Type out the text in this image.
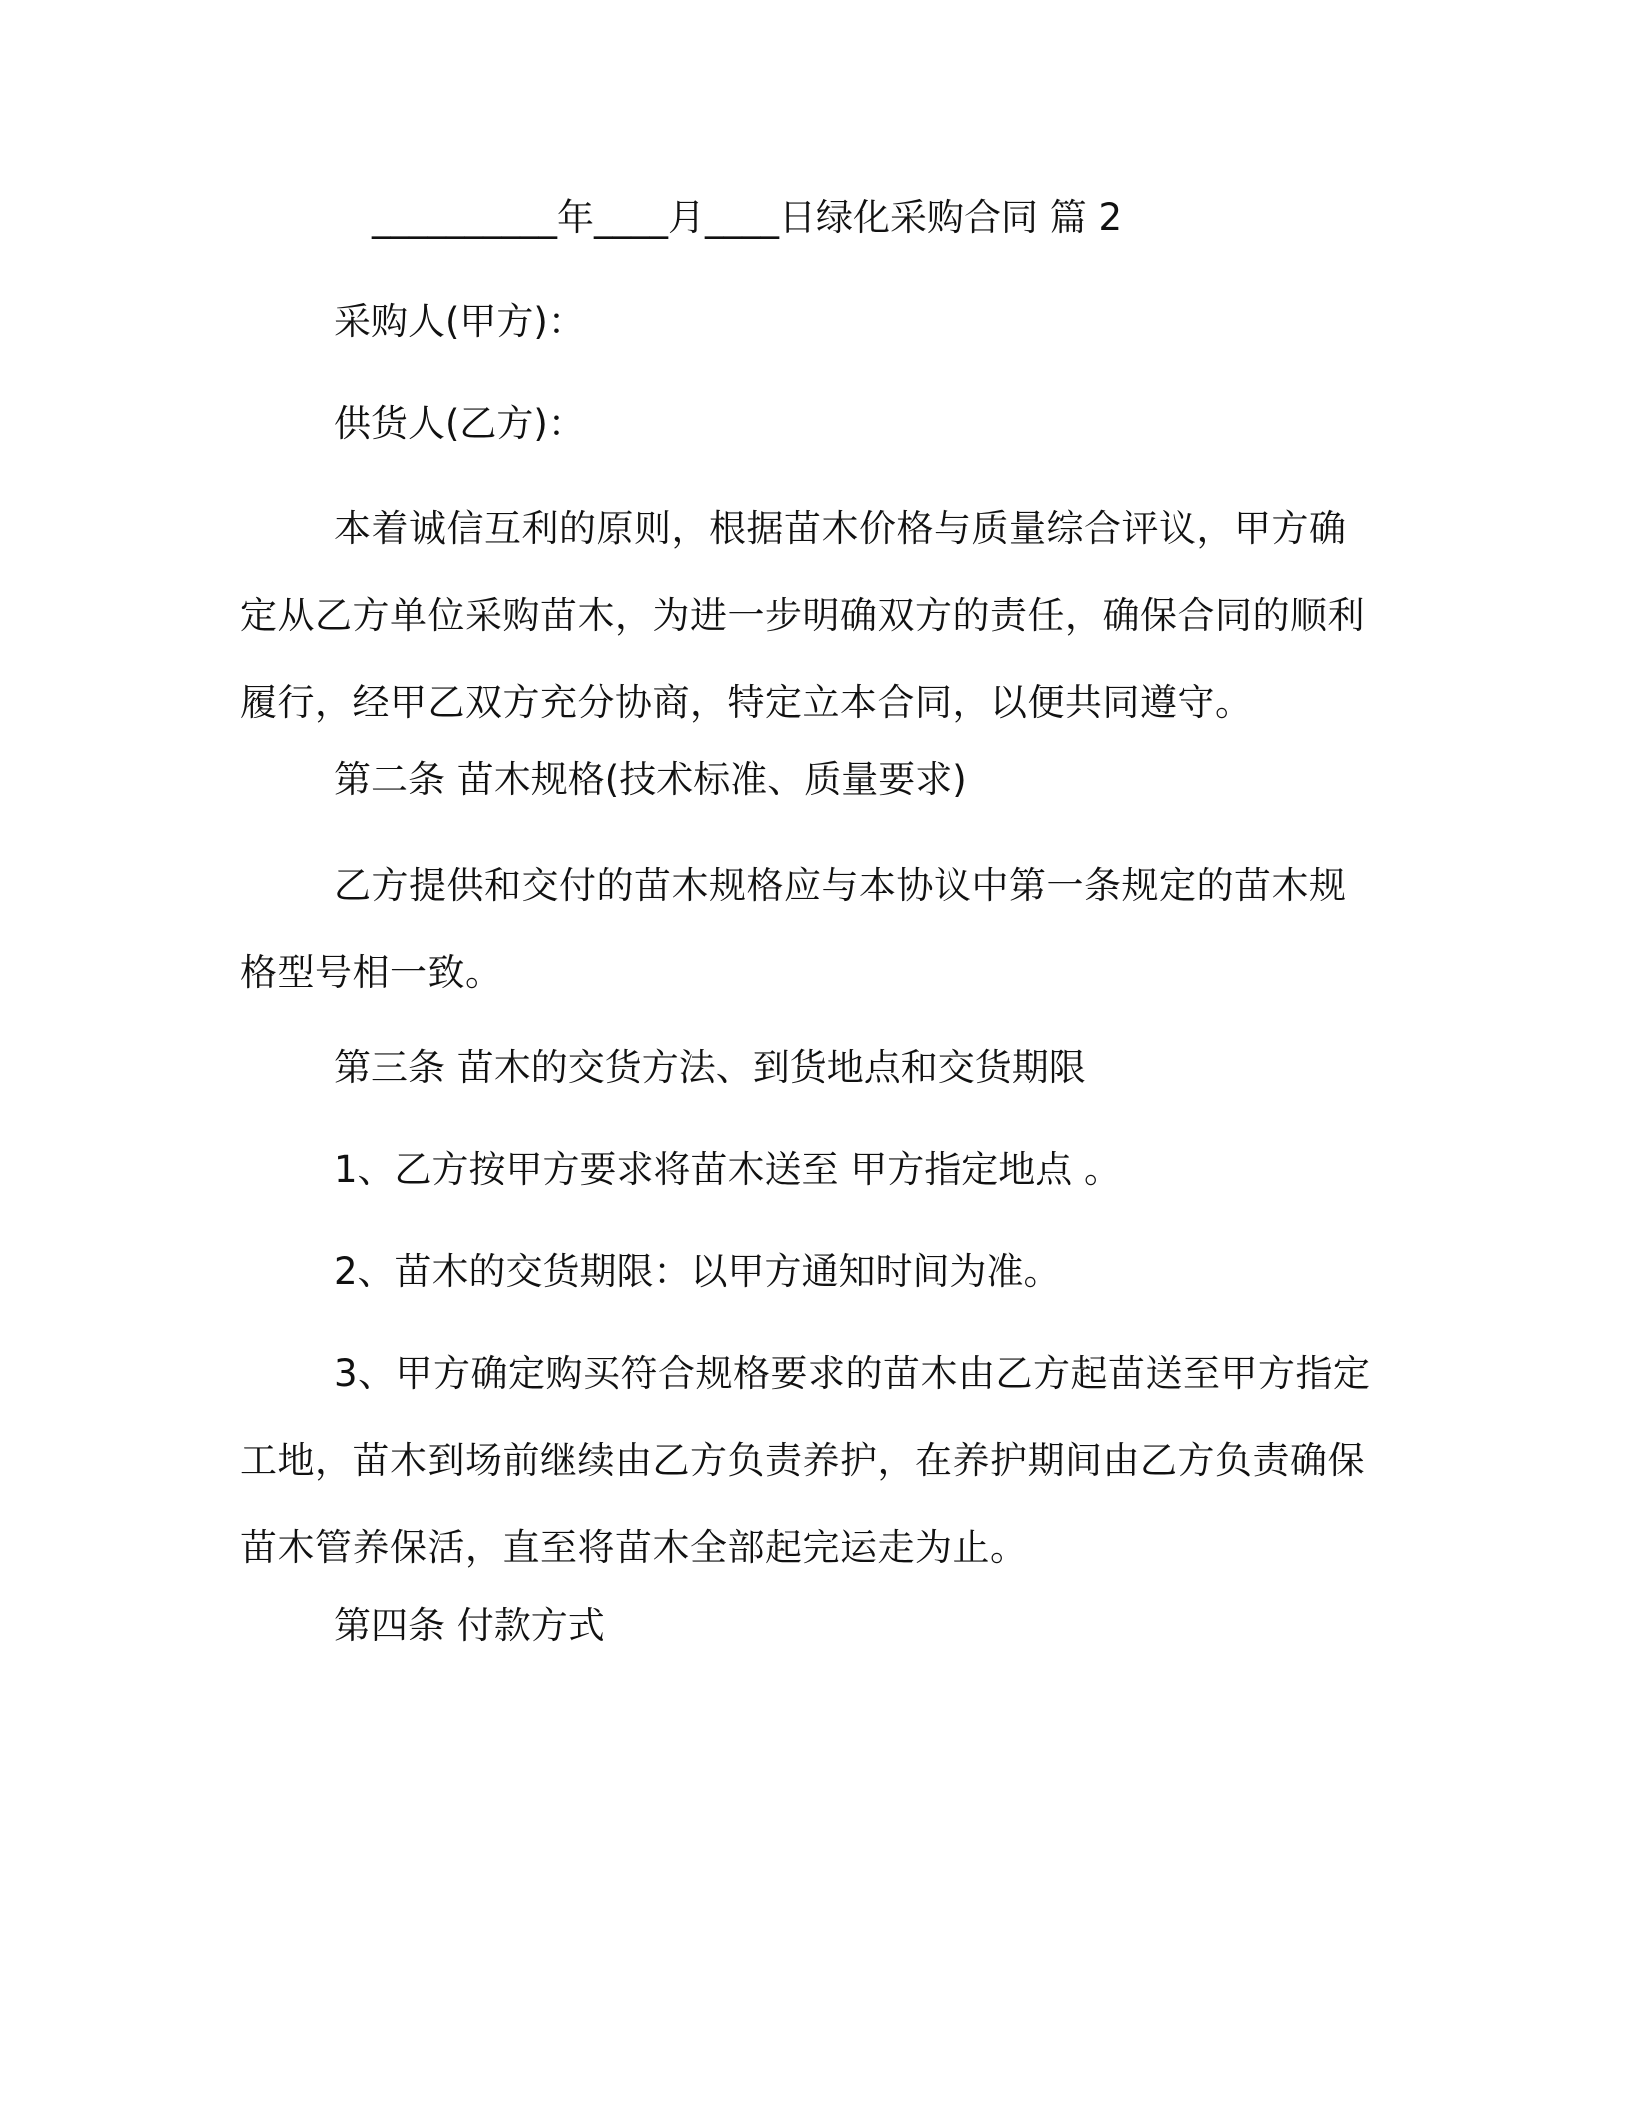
__________年____月____日绿化采购合同 篇 2
采购人(甲方)：
供货人(乙方)：

本着诚信互利的原则，根据苗木价格与质量综合评议，甲方确定从乙方单位采购苗木，为进一步明确双方的责任，确保合同的顺利履行，经甲乙双方充分协商，特定立本合同，以便共同遵守。

第二条 苗木规格(技术标准、质量要求)

乙方提供和交付的苗木规格应与本协议中第一条规定的苗木规格型号相一致。

第三条 苗木的交货方法、到货地点和交货期限
1、乙方按甲方要求将苗木送至 甲方指定地点 。
2、苗木的交货期限：以甲方通知时间为准。

3、甲方确定购买符合规格要求的苗木由乙方起苗送至甲方指定工地，苗木到场前继续由乙方负责养护，在养护期间由乙方负责确保苗木管养保活，直至将苗木全部起完运走为止。

第四条 付款方式
